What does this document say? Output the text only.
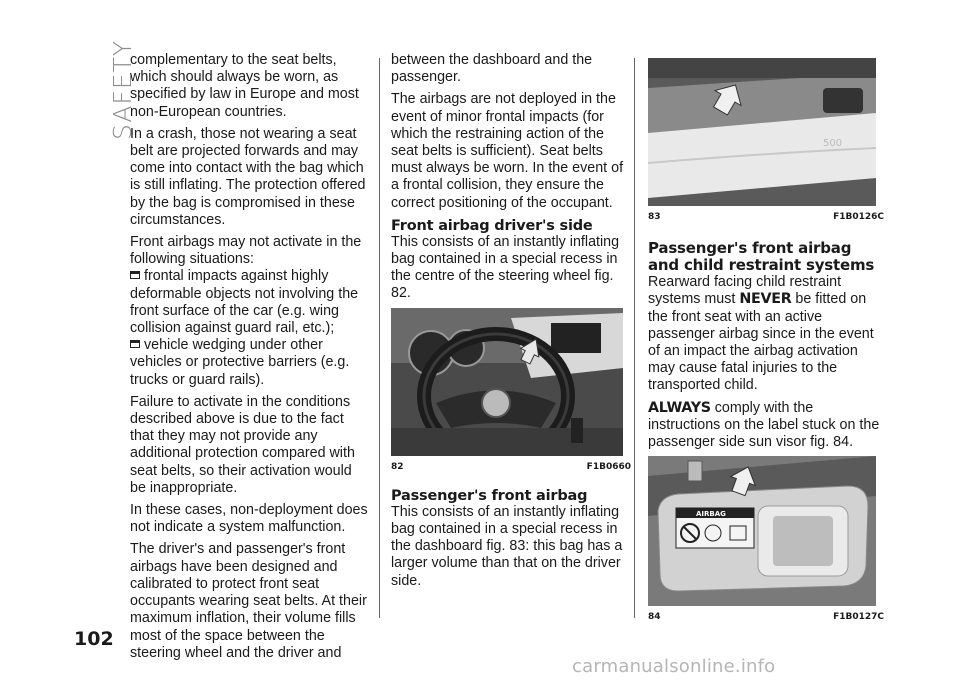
SAFETY

complementary to the seat belts, which should always be worn, as specified by law in Europe and most non-European countries.

In a crash, those not wearing a seat belt are projected forwards and may come into contact with the bag which is still inflating. The protection offered by the bag is compromised in these circumstances.

Front airbags may not activate in the following situations:

frontal impacts against highly deformable objects not involving the front surface of the car (e.g. wing collision against guard rail, etc.);
vehicle wedging under other vehicles or protective barriers (e.g. trucks or guard rails).

Failure to activate in the conditions described above is due to the fact that they may not provide any additional protection compared with seat belts, so their activation would be inappropriate.

In these cases, non-deployment does not indicate a system malfunction.

The driver's and passenger's front airbags have been designed and calibrated to protect front seat occupants wearing seat belts. At their maximum inflation, their volume fills most of the space between the steering wheel and the driver and

between the dashboard and the passenger.

The airbags are not deployed in the event of minor frontal impacts (for which the restraining action of the seat belts is sufficient). Seat belts must always be worn. In the event of a frontal collision, they ensure the correct positioning of the occupant.

Front airbag driver's side

This consists of an instantly inflating bag contained in a special recess in the centre of the steering wheel fig. 82.

82	F1B0660
Passenger's front airbag

This consists of an instantly inflating bag contained in a special recess in the dashboard fig. 83: this bag has a larger volume than that on the driver side.

500
83	F1B0126C
Passenger's front airbag and child restraint systems

Rearward facing child restraint systems must NEVER be fitted on the front seat with an active passenger airbag since in the event of an impact the airbag activation may cause fatal injuries to the transported child.

ALWAYS comply with the instructions on the label stuck on the passenger side sun visor fig. 84.

AIRBAG
84	F1B0127C
102
carmanualsonline.info
